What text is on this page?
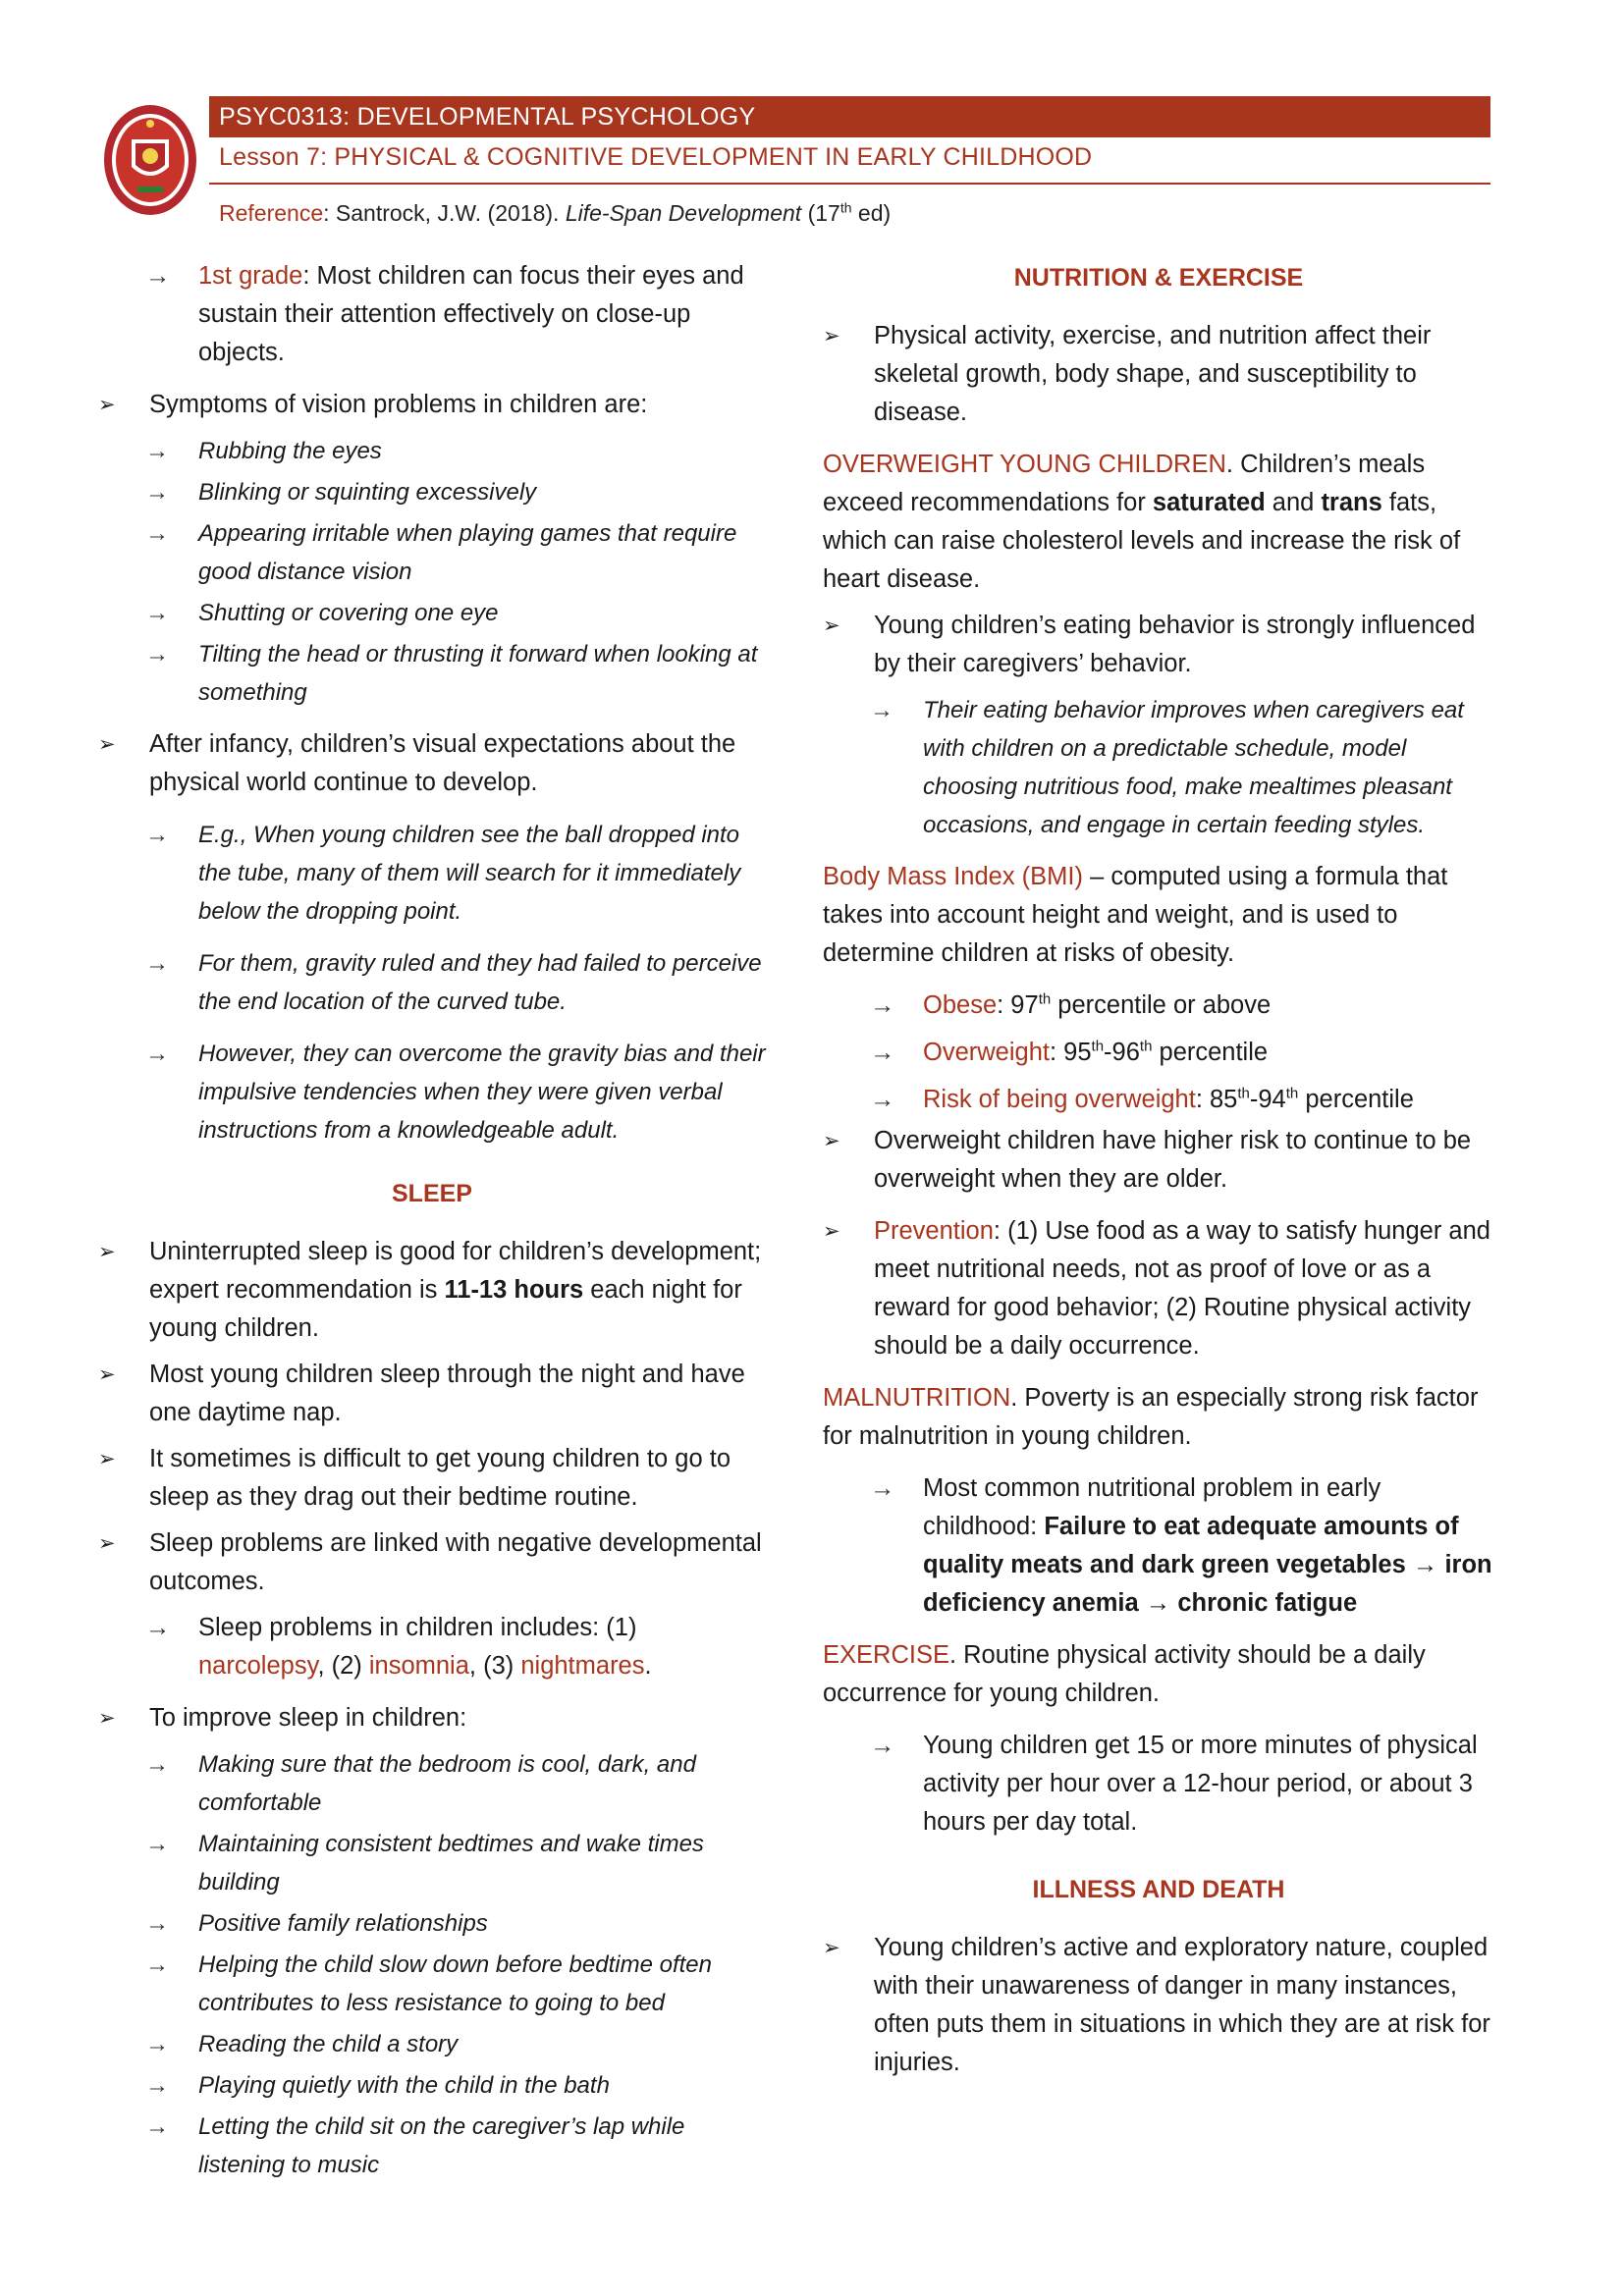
PSYC0313: DEVELOPMENTAL PSYCHOLOGY
Lesson 7: PHYSICAL & COGNITIVE DEVELOPMENT IN EARLY CHILDHOOD
Reference: Santrock, J.W. (2018). Life-Span Development (17th ed)
→ 1st grade: Most children can focus their eyes and sustain their attention effectively on close-up objects.
➢ Symptoms of vision problems in children are:
→ Rubbing the eyes
→ Blinking or squinting excessively
→ Appearing irritable when playing games that require good distance vision
→ Shutting or covering one eye
→ Tilting the head or thrusting it forward when looking at something
➢ After infancy, children’s visual expectations about the physical world continue to develop.
→ E.g., When young children see the ball dropped into the tube, many of them will search for it immediately below the dropping point.
→ For them, gravity ruled and they had failed to perceive the end location of the curved tube.
→ However, they can overcome the gravity bias and their impulsive tendencies when they were given verbal instructions from a knowledgeable adult.
SLEEP
➢ Uninterrupted sleep is good for children’s development; expert recommendation is 11-13 hours each night for young children.
➢ Most young children sleep through the night and have one daytime nap.
➢ It sometimes is difficult to get young children to go to sleep as they drag out their bedtime routine.
➢ Sleep problems are linked with negative developmental outcomes.
→ Sleep problems in children includes: (1) narcolepsy, (2) insomnia, (3) nightmares.
➢ To improve sleep in children:
→ Making sure that the bedroom is cool, dark, and comfortable
→ Maintaining consistent bedtimes and wake times building
→ Positive family relationships
→ Helping the child slow down before bedtime often contributes to less resistance to going to bed
→ Reading the child a story
→ Playing quietly with the child in the bath
→ Letting the child sit on the caregiver’s lap while listening to music
NUTRITION & EXERCISE
➢ Physical activity, exercise, and nutrition affect their skeletal growth, body shape, and susceptibility to disease.
OVERWEIGHT YOUNG CHILDREN. Children’s meals exceed recommendations for saturated and trans fats, which can raise cholesterol levels and increase the risk of heart disease.
➢ Young children’s eating behavior is strongly influenced by their caregivers’ behavior.
→ Their eating behavior improves when caregivers eat with children on a predictable schedule, model choosing nutritious food, make mealtimes pleasant occasions, and engage in certain feeding styles.
Body Mass Index (BMI) – computed using a formula that takes into account height and weight, and is used to determine children at risks of obesity.
→ Obese: 97th percentile or above
→ Overweight: 95th-96th percentile
→ Risk of being overweight: 85th-94th percentile
➢ Overweight children have higher risk to continue to be overweight when they are older.
➢ Prevention: (1) Use food as a way to satisfy hunger and meet nutritional needs, not as proof of love or as a reward for good behavior; (2) Routine physical activity should be a daily occurrence.
MALNUTRITION. Poverty is an especially strong risk factor for malnutrition in young children.
→ Most common nutritional problem in early childhood: Failure to eat adequate amounts of quality meats and dark green vegetables → iron deficiency anemia → chronic fatigue
EXERCISE. Routine physical activity should be a daily occurrence for young children.
→ Young children get 15 or more minutes of physical activity per hour over a 12-hour period, or about 3 hours per day total.
ILLNESS AND DEATH
➢ Young children’s active and exploratory nature, coupled with their unawareness of danger in many instances, often puts them in situations in which they are at risk for injuries.
